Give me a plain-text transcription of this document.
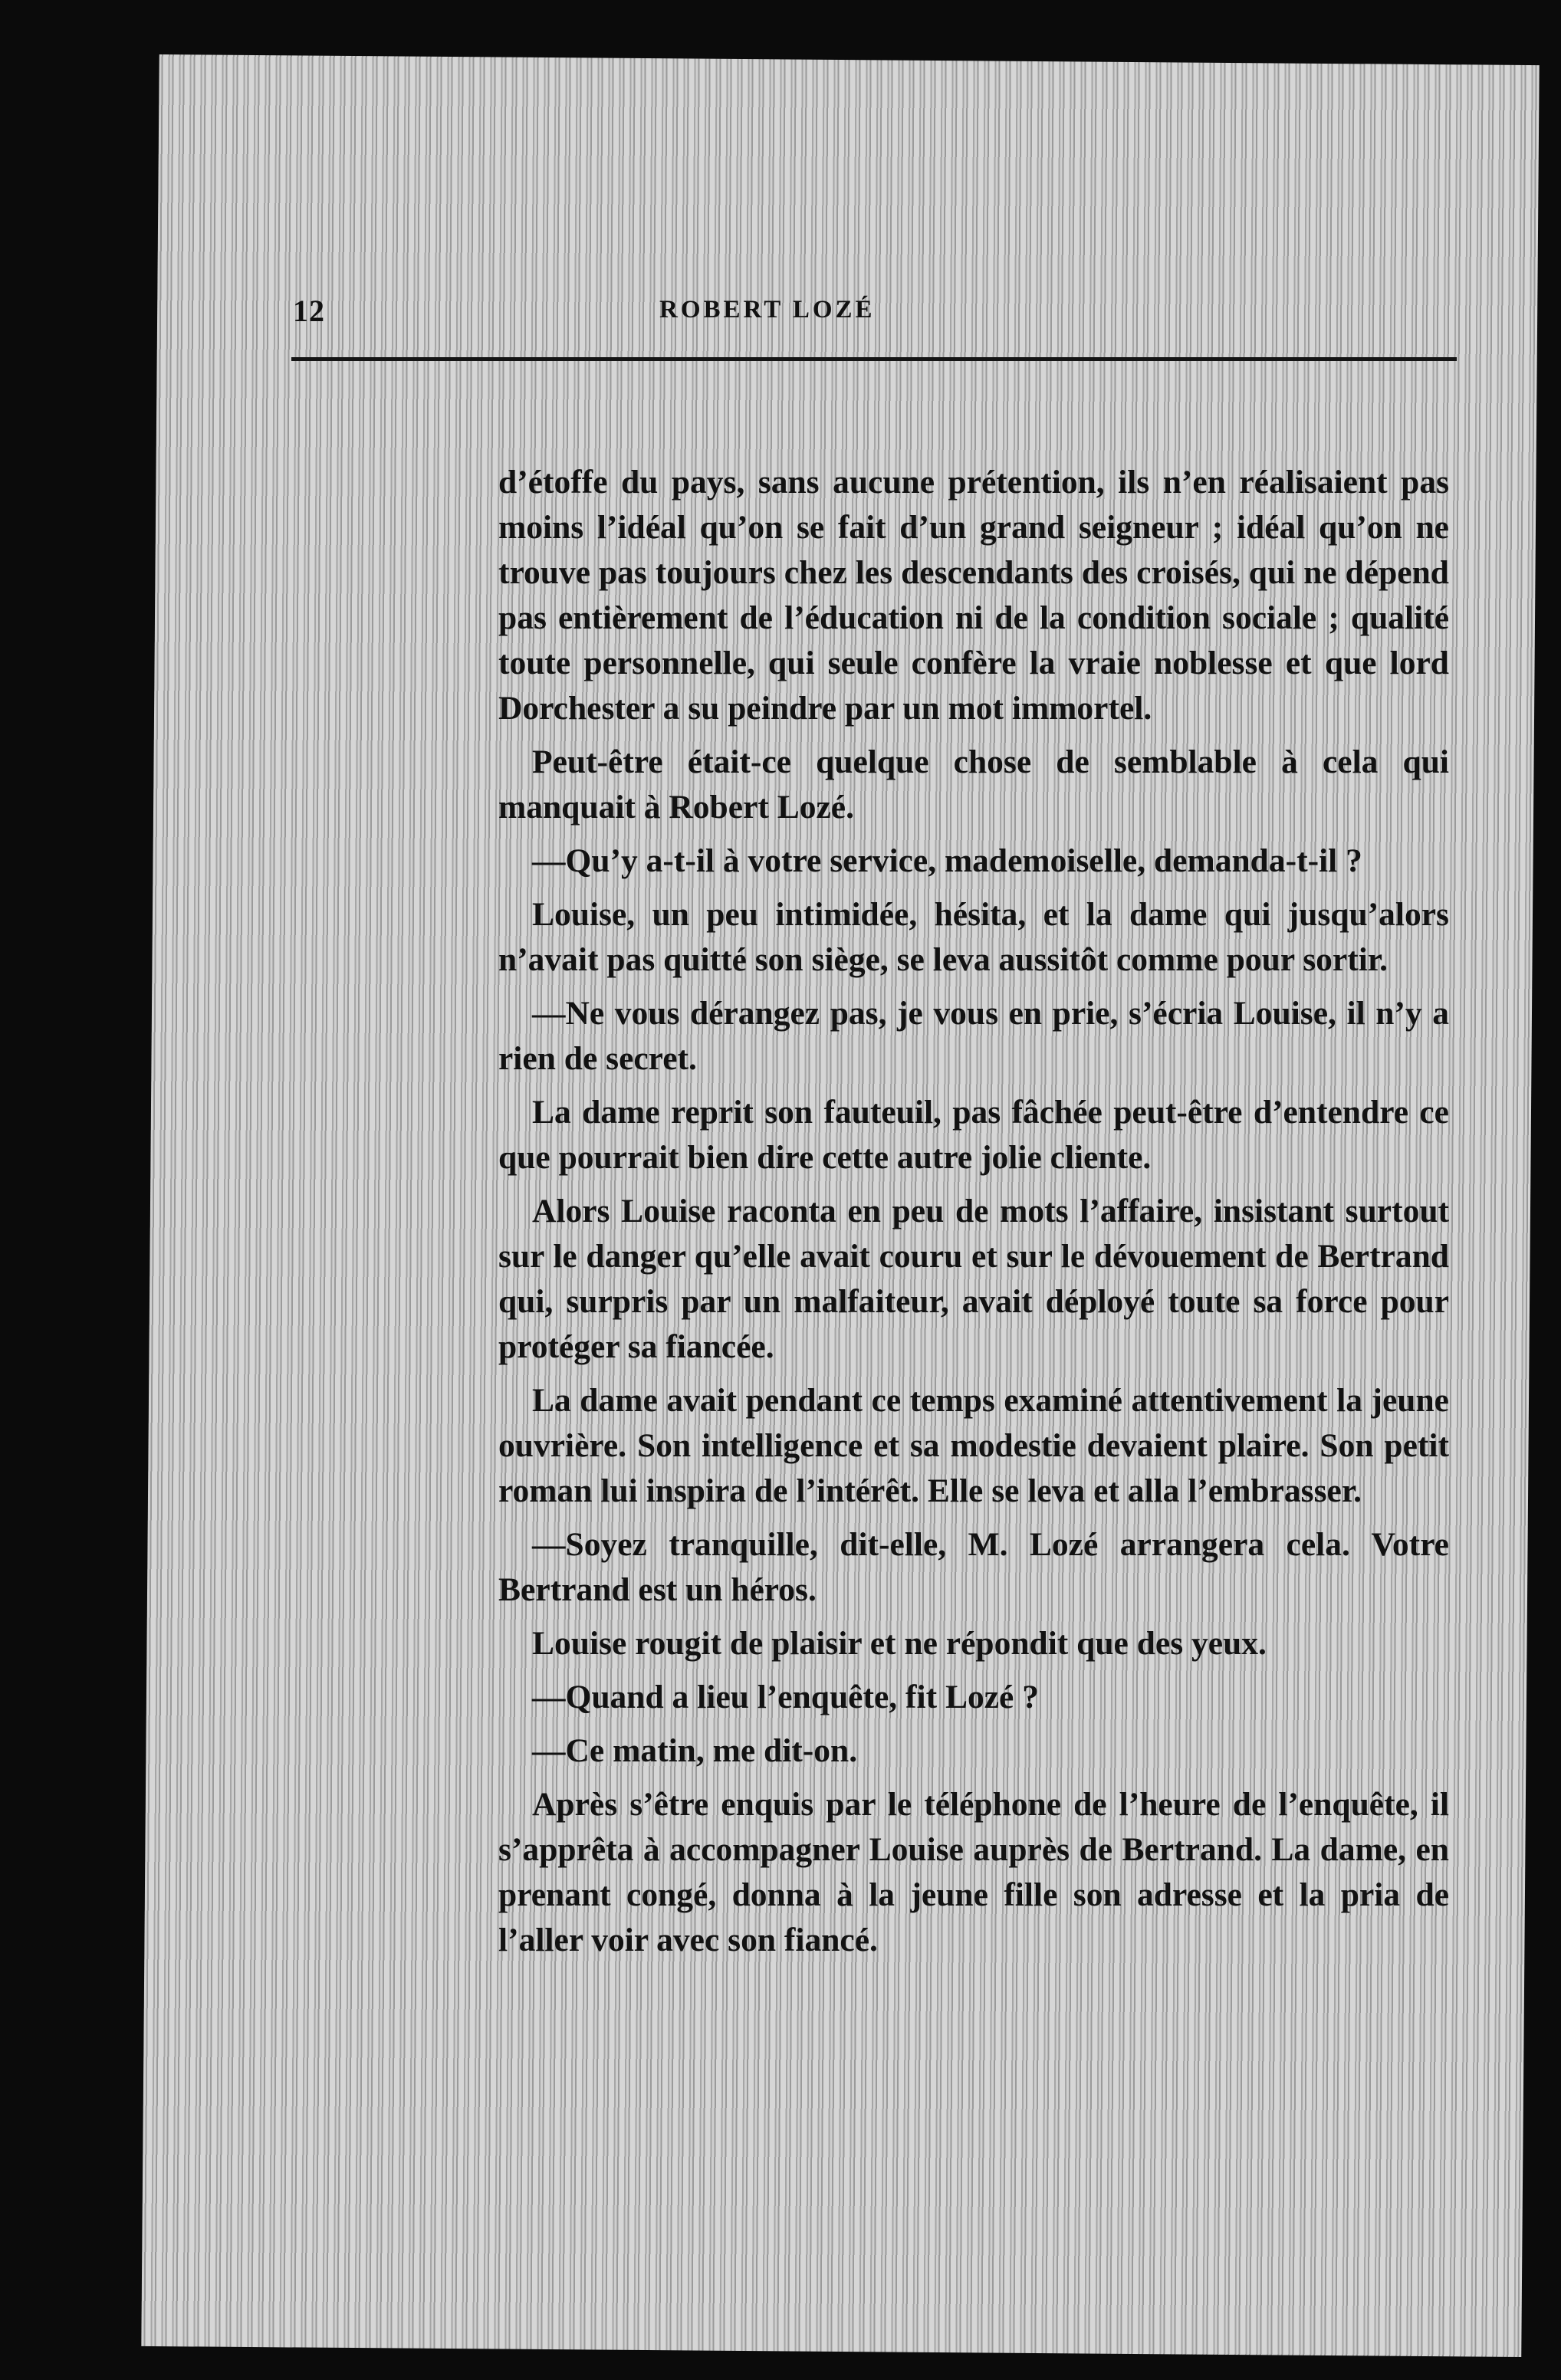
12	ROBERT LOZÉ

d’étoffe du pays, sans aucune prétention, ils n’en réalisaient pas moins l’idéal qu’on se fait d’un grand seigneur ; idéal qu’on ne trouve pas toujours chez les descendants des croisés, qui ne dépend pas entièrement de l’éducation ni de la condition sociale ; qualité toute personnelle, qui seule confère la vraie noblesse et que lord Dorchester a su peindre par un mot immortel.

Peut-être était-ce quelque chose de semblable à cela qui manquait à Robert Lozé.

—Qu’y a-t-il à votre service, mademoiselle, demanda-t-il ?

Louise, un peu intimidée, hésita, et la dame qui jusqu’alors n’avait pas quitté son siège, se leva aussitôt comme pour sortir.

—Ne vous dérangez pas, je vous en prie, s’écria Louise, il n’y a rien de secret.

La dame reprit son fauteuil, pas fâchée peut-être d’entendre ce que pourrait bien dire cette autre jolie cliente.

Alors Louise raconta en peu de mots l’affaire, insistant surtout sur le danger qu’elle avait couru et sur le dévouement de Bertrand qui, surpris par un malfaiteur, avait déployé toute sa force pour protéger sa fiancée.

La dame avait pendant ce temps examiné attentivement la jeune ouvrière. Son intelligence et sa modestie devaient plaire. Son petit roman lui inspira de l’intérêt. Elle se leva et alla l’embrasser.

—Soyez tranquille, dit-elle, M. Lozé arrangera cela. Votre Bertrand est un héros.

Louise rougit de plaisir et ne répondit que des yeux.

—Quand a lieu l’enquête, fit Lozé ?

—Ce matin, me dit-on.

Après s’être enquis par le téléphone de l’heure de l’enquête, il s’apprêta à accompagner Louise auprès de Bertrand. La dame, en prenant congé, donna à la jeune fille son adresse et la pria de l’aller voir avec son fiancé.
